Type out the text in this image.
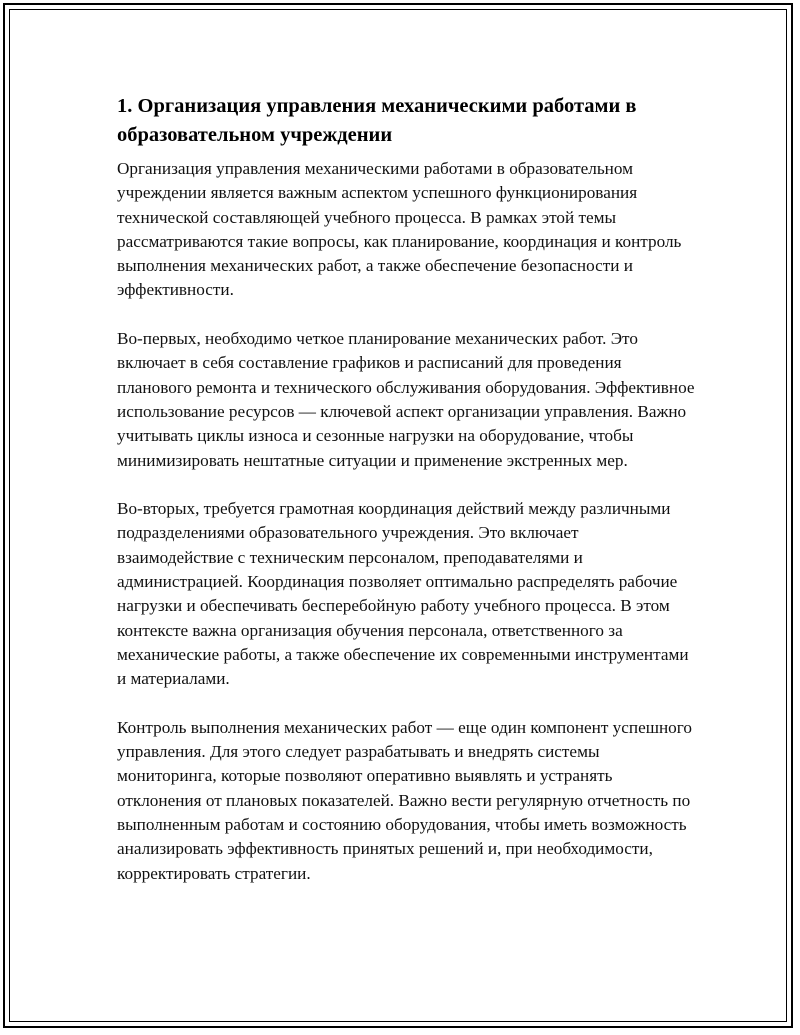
1. Организация управления механическими работами в образовательном учреждении

Организация управления механическими работами в образовательном учреждении является важным аспектом успешного функционирования технической составляющей учебного процесса. В рамках этой темы рассматриваются такие вопросы, как планирование, координация и контроль выполнения механических работ, а также обеспечение безопасности и эффективности.

Во-первых, необходимо четкое планирование механических работ. Это включает в себя составление графиков и расписаний для проведения планового ремонта и технического обслуживания оборудования. Эффективное использование ресурсов — ключевой аспект организации управления. Важно учитывать циклы износа и сезонные нагрузки на оборудование, чтобы минимизировать нештатные ситуации и применение экстренных мер.

Во-вторых, требуется грамотная координация действий между различными подразделениями образовательного учреждения. Это включает взаимодействие с техническим персоналом, преподавателями и администрацией. Координация позволяет оптимально распределять рабочие нагрузки и обеспечивать бесперебойную работу учебного процесса. В этом контексте важна организация обучения персонала, ответственного за механические работы, а также обеспечение их современными инструментами и материалами.

Контроль выполнения механических работ — еще один компонент успешного управления. Для этого следует разрабатывать и внедрять системы мониторинга, которые позволяют оперативно выявлять и устранять отклонения от плановых показателей. Важно вести регулярную отчетность по выполненным работам и состоянию оборудования, чтобы иметь возможность анализировать эффективность принятых решений и, при необходимости, корректировать стратегии.
